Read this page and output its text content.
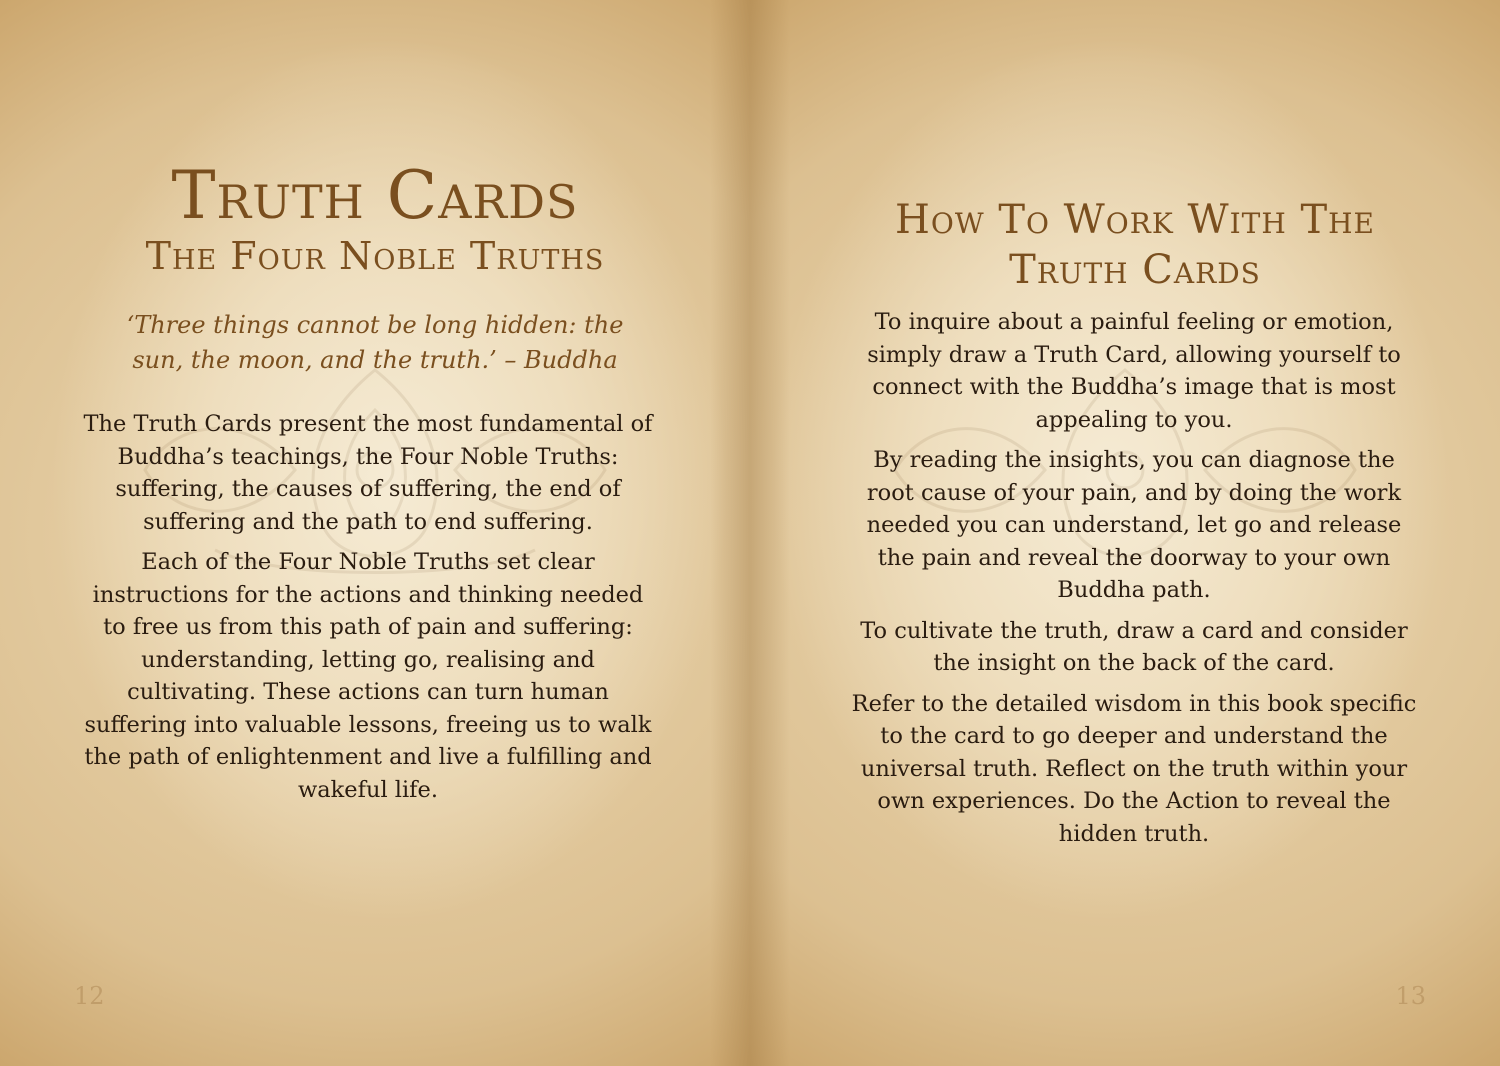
Truth Cards
The Four Noble Truths

‘Three things cannot be long hidden: the
sun, the moon, and the truth.’ – Buddha

The Truth Cards present the most fundamental of Buddha’s teachings, the Four Noble Truths: suffering, the causes of suffering, the end of suffering and the path to end suffering.

Each of the Four Noble Truths set clear instructions for the actions and thinking needed to free us from this path of pain and suffering: understanding, letting go, realising and cultivating. These actions can turn human suffering into valuable lessons, freeing us to walk the path of enlightenment and live a fulfilling and wakeful life.

12
How To Work With The
Truth Cards

To inquire about a painful feeling or emotion, simply draw a Truth Card, allowing yourself to connect with the Buddha’s image that is most appealing to you.

By reading the insights, you can diagnose the root cause of your pain, and by doing the work needed you can understand, let go and release the pain and reveal the doorway to your own Buddha path.

To cultivate the truth, draw a card and consider the insight on the back of the card.

Refer to the detailed wisdom in this book specific to the card to go deeper and understand the universal truth. Reflect on the truth within your own experiences. Do the Action to reveal the hidden truth.

13
